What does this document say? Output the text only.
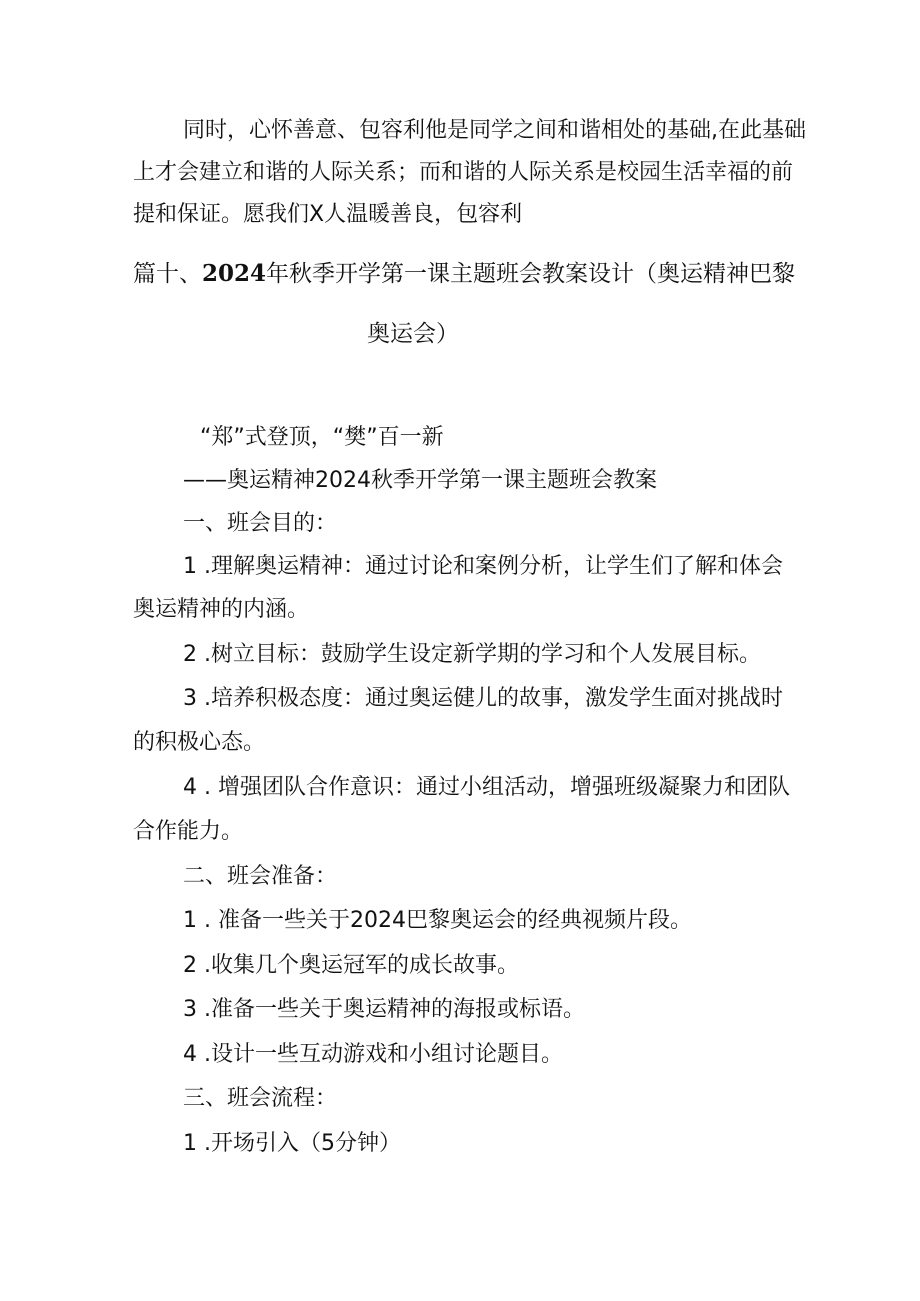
同时，心怀善意、包容利他是同学之间和谐相处的基础,在此基础
上才会建立和谐的人际关系；而和谐的人际关系是校园生活幸福的前
提和保证。愿我们X人温暖善良，包容利
篇十、2024年秋季开学第一课主题班会教案设计（奥运精神巴黎
奥运会）
“郑”式登顶，“樊”百一新
——奥运精神2024秋季开学第一课主题班会教案
一、班会目的：
1 .理解奥运精神：通过讨论和案例分析，让学生们了解和体会
奥运精神的内涵。
2 .树立目标：鼓励学生设定新学期的学习和个人发展目标。
3 .培养积极态度：通过奥运健儿的故事，激发学生面对挑战时
的积极心态。
4 . 增强团队合作意识：通过小组活动，增强班级凝聚力和团队
合作能力。
二、班会准备：
1 . 准备一些关于2024巴黎奥运会的经典视频片段。
2 .收集几个奥运冠军的成长故事。
3 .准备一些关于奥运精神的海报或标语。
4 .设计一些互动游戏和小组讨论题目。
三、班会流程：
1 .开场引入（5分钟）
